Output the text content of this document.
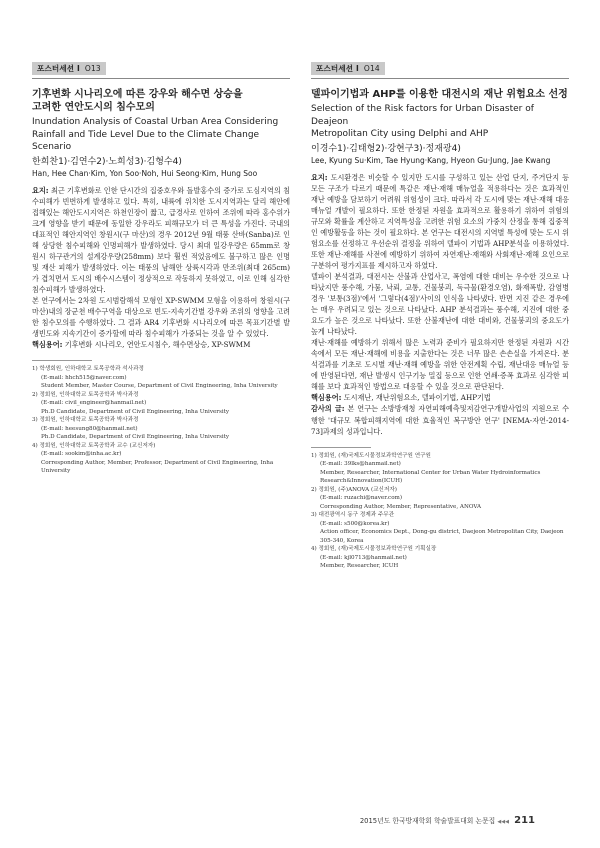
포스터세션 Ⅰ O13
기후변화 시나리오에 따른 강우와 해수면 상승을
고려한 연안도시의 침수모의
Inundation Analysis of Coastal Urban Area Considering
Rainfall and Tide Level Due to the Climate Change Scenario
한희찬1)·김연수2)·노희성3)·김형수4)
Han, Hee Chan·Kim, Yon Soo·Noh, Hui Seong·Kim, Hung Soo

요지: 최근 기후변화로 인한 단시간의 집중호우와 돌발홍수의 증가로 도심지역의 침수피해가 빈번하게 발생하고 있다. 특히, 내륙에 위치한 도시지역과는 달리 해안에 접해있는 해안도시지역은 하천인장이 짧고, 급경사로 인하여 조위에 따라 홍수위가 크게 영향을 받기 때문에 동일한 강우라도 피해규모가 더 큰 특성을 가진다. 국내의 대표적인 해안지역인 창원시(구 마산)의 경우 2012년 9월 태풍 산바(Sanba)로 인해 상당한 침수피해와 인명피해가 발생하였다. 당시 최대 일강우량은 65mm로 창원시 하구관거의 설계강우량(258mm) 보다 훨씬 적었음에도 불구하고 많은 인명 및 재산 피해가 발생하였다. 이는 태풍의 남해안 상륙시각과 만조위(최대 265cm)가 겹치면서 도시의 배수시스템이 정상적으로 작동하지 못하였고, 이로 인해 심각한 침수피해가 발생하였다.

본 연구에서는 2차원 도시범람해석 모형인 XP-SWMM 모형을 이용하여 창원시(구 마산)내의 장군천 배수구역을 대상으로 빈도-지속기간별 강우와 조위의 영향을 고려한 침수모의를 수행하였다. 그 결과 AR4 기후변화 시나리오에 따른 목표기간별 발생빈도와 지속기간이 증가할에 따라 침수피해가 가중되는 것을 알 수 있었다.

핵심용어: 기후변화 시나리오, 연안도시침수, 해수면상승, XP-SWMM

1) 학생회원, 인하대학교 토목공학과 석사과정
(E-mail: hhch515@naver.com)
Student Member, Master Course, Department of Civil Engineering, Inha University
2) 정회원, 인하대학교 토목공학과 박사과정
(E-mail: civil_engineer@hanmail.net)
Ph.D Candidate, Department of Civil Engineering, Inha University
3) 정회원, 인하대학교 토목공학과 박사과정
(E-mail: heesung80@hanmail.net)
Ph.D Candidate, Department of Civil Engineering, Inha University
4) 정회원, 인하대학교 토목공학과 교수 (교신저자)
(E-mail: sookim@inha.ac.kr)
Corresponding Author, Member, Professor, Department of Civil Engineering, Inha University
포스터세션 Ⅰ O14
델파이기법과 AHP를 이용한 대전시의 재난 위험요소 선정
Selection of the Risk factors for Urban Disaster of Deajeon
Metropolitan City using Delphi and AHP
이경수1)·김태형2)·강현구3)·정재광4)
Lee, Kyung Su·Kim, Tae Hyung·Kang, Hyeon Gu·Jung, Jae Kwang

요지: 도시환경은 비슷할 수 있지만 도시를 구성하고 있는 산업 단지, 주거단지 등 모든 구조가 다르기 때문에 특같은 재난·재해 매뉴얼을 적용하다는 것은 효과적인 재난 예방을 담보하기 어려워 위험성이 크다. 따라서 각 도시에 맞는 재난·재해 대응 매뉴얼 개발이 필요하다. 또한 한정된 자원을 효과적으로 활용하기 위하여 위험의 규모와 확률을 계산하고 지역특성을 고려한 위험 요소의 가중치 산정을 통해 집중적인 예방활동을 하는 것이 필요하다. 본 연구는 대전시의 지역별 특성에 맞는 도시 위험요소를 선정하고 우선순위 결정을 위하여 델파이 기법과 AHP분석을 이용하였다. 또한 재난·재해를 사전에 예방하기 위하여 자연재난·재해와 사회재난·재해 요인으로 구분하여 평가지표를 제시하고자 하였다.

델파이 분석결과, 대전시는 산불과 산업사고, 폭염에 대한 대비는 우수한 것으로 나타났지만 풍수해, 가뭄, 낙뢰, 교통, 건물붕괴, 독극물(환경오염), 화재폭발, 감염병 경우 '보통(3점)'에서 '그렇다(4점)'사이의 인식을 나타냈다. 반면 지진 같은 경우에는 매우 우려되고 있는 것으로 나타났다. AHP 분석결과는 풍수해, 지진에 대한 중요도가 높은 것으로 나타났다. 또한 산불재난에 대한 대비와, 건물붕괴의 중요도가 높게 나타났다.

재난·재해를 예방하기 위해서 많은 노력과 준비가 필요하지만 한정된 자원과 시간 속에서 모든 재난·재해에 비용을 지출한다는 것은 너무 많은 손손실을 가져온다. 분석결과를 기초로 도시별 재난·재해 예방을 위한 안전계획 수립, 재난대응 매뉴얼 등에 반영된다면, 재난 발생시 인구기능 밀집 등으로 인한 연쇄·증폭 효과로 심각한 피해를 보다 효과적인 방법으로 대응할 수 있을 것으로 판단된다.

핵심용어: 도시재난, 재난위험요소, 델파이기법, AHP기법

감사의 글: 본 연구는 소방방재청 자연피해예측및저감연구개발사업의 지원으로 수행한 '대규모 복합피해지역에 대한 효율적인 복구방안 연구' [NEMA-자연-2014-73]과제의 성과입니다.

1) 정회원, (재)국제도시물정보과학연구원 연구원
(E-mail: 39lks@hanmail.net)
Member, Researcher, International Center for Urban Water Hydroinformatics Research&Innovation(ICUH)
2) 정회원, (주)ANOVA (교신저자)
(E-mail: ruzachi@naver.com)
Corresponding Author, Member, Representative, ANOVA
3) 대전광역시 동구 경제과 주무관
(E-mail: s500@korea.kr)
Action officer, Economics Dept., Dong-gu district, Daejeon Metropolitan City, Daejeon 305-340, Korea
4) 정회원, (재)국제도시물정보과학연구원 기획실장
(E-mail: kjl0713@hanmail.net)
Member, Researcher, ICUH
2015년도 한국방재학회 학술발표대회 논문집 ◀◀◀ 211
